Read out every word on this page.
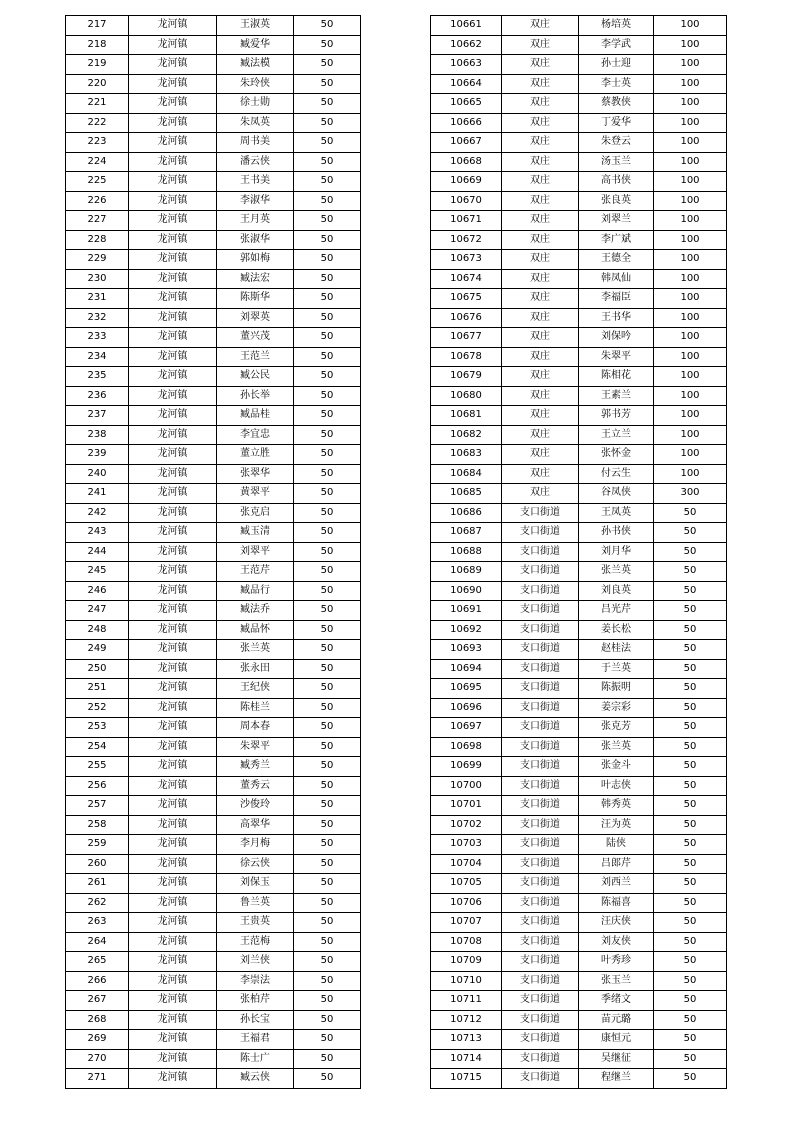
217	龙河镇	王淑英	50
218	龙河镇	臧爱华	50
219	龙河镇	臧法模	50
220	龙河镇	朱玲侠	50
221	龙河镇	徐士勋	50
222	龙河镇	朱凤英	50
223	龙河镇	周书美	50
224	龙河镇	潘云侠	50
225	龙河镇	王书美	50
226	龙河镇	李淑华	50
227	龙河镇	王月英	50
228	龙河镇	张淑华	50
229	龙河镇	郭如梅	50
230	龙河镇	臧法宏	50
231	龙河镇	陈斯华	50
232	龙河镇	刘翠英	50
233	龙河镇	董兴茂	50
234	龙河镇	王范兰	50
235	龙河镇	臧公民	50
236	龙河镇	孙长举	50
237	龙河镇	臧品桂	50
238	龙河镇	李宜忠	50
239	龙河镇	董立胜	50
240	龙河镇	张翠华	50
241	龙河镇	黄翠平	50
242	龙河镇	张克启	50
243	龙河镇	臧玉清	50
244	龙河镇	刘翠平	50
245	龙河镇	王范芹	50
246	龙河镇	臧品行	50
247	龙河镇	臧法乔	50
248	龙河镇	臧品怀	50
249	龙河镇	张兰英	50
250	龙河镇	张永田	50
251	龙河镇	王纪侠	50
252	龙河镇	陈桂兰	50
253	龙河镇	周本春	50
254	龙河镇	朱翠平	50
255	龙河镇	臧秀兰	50
256	龙河镇	董秀云	50
257	龙河镇	沙俊玲	50
258	龙河镇	高翠华	50
259	龙河镇	李月梅	50
260	龙河镇	徐云侠	50
261	龙河镇	刘保玉	50
262	龙河镇	鲁兰英	50
263	龙河镇	王贵英	50
264	龙河镇	王范梅	50
265	龙河镇	刘兰侠	50
266	龙河镇	李崇法	50
267	龙河镇	张柏芹	50
268	龙河镇	孙长宝	50
269	龙河镇	王福君	50
270	龙河镇	陈士广	50
271	龙河镇	臧云侠	50
10661	双庄	杨培英	100
10662	双庄	李学武	100
10663	双庄	孙士迎	100
10664	双庄	李士英	100
10665	双庄	蔡教侠	100
10666	双庄	丁爱华	100
10667	双庄	朱登云	100
10668	双庄	汤玉兰	100
10669	双庄	高书侠	100
10670	双庄	张良英	100
10671	双庄	刘翠兰	100
10672	双庄	李广斌	100
10673	双庄	王德全	100
10674	双庄	韩凤仙	100
10675	双庄	李福臣	100
10676	双庄	王书华	100
10677	双庄	刘保吟	100
10678	双庄	朱翠平	100
10679	双庄	陈相花	100
10680	双庄	王素兰	100
10681	双庄	郭书芳	100
10682	双庄	王立兰	100
10683	双庄	张怀金	100
10684	双庄	付云生	100
10685	双庄	谷凤侠	300
10686	支口街道	王凤英	50
10687	支口街道	孙书侠	50
10688	支口街道	刘月华	50
10689	支口街道	张兰英	50
10690	支口街道	刘良英	50
10691	支口街道	吕光芹	50
10692	支口街道	姜长松	50
10693	支口街道	赵桂法	50
10694	支口街道	于兰英	50
10695	支口街道	陈振明	50
10696	支口街道	姜宗彩	50
10697	支口街道	张克芳	50
10698	支口街道	张兰英	50
10699	支口街道	张金斗	50
10700	支口街道	叶志侠	50
10701	支口街道	韩秀英	50
10702	支口街道	汪为英	50
10703	支口街道	陆侠	50
10704	支口街道	吕郎芹	50
10705	支口街道	刘西兰	50
10706	支口街道	陈福喜	50
10707	支口街道	汪庆侠	50
10708	支口街道	刘友侠	50
10709	支口街道	叶秀珍	50
10710	支口街道	张玉兰	50
10711	支口街道	季绪文	50
10712	支口街道	苗元璐	50
10713	支口街道	康恒元	50
10714	支口街道	吴继征	50
10715	支口街道	程继兰	50
